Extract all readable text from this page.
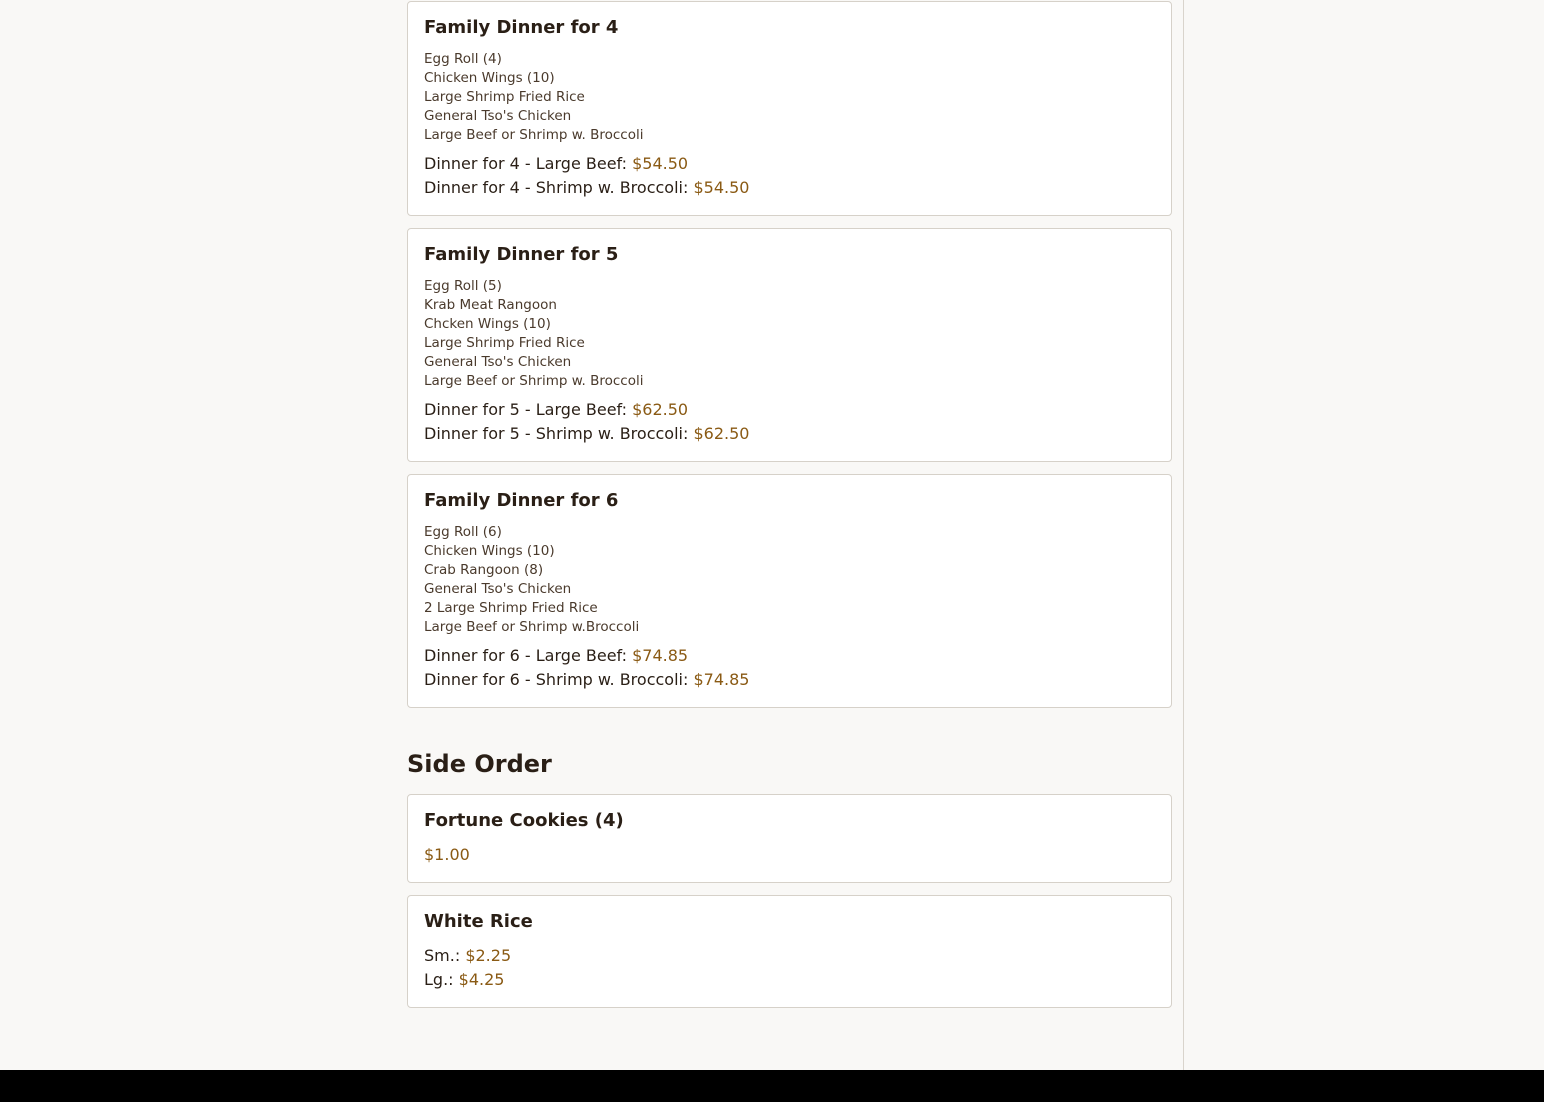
Family Dinner for 4
Egg Roll (4)
Chicken Wings (10)
Large Shrimp Fried Rice
General Tso's Chicken
Large Beef or Shrimp w. Broccoli
Dinner for 4 - Large Beef: $54.50
Dinner for 4 - Shrimp w. Broccoli: $54.50
Family Dinner for 5
Egg Roll (5)
Krab Meat Rangoon
Chcken Wings (10)
Large Shrimp Fried Rice
General Tso's Chicken
Large Beef or Shrimp w. Broccoli
Dinner for 5 - Large Beef: $62.50
Dinner for 5 - Shrimp w. Broccoli: $62.50
Family Dinner for 6
Egg Roll (6)
Chicken Wings (10)
Crab Rangoon (8)
General Tso's Chicken
2 Large Shrimp Fried Rice
Large Beef or Shrimp w.Broccoli
Dinner for 6 - Large Beef: $74.85
Dinner for 6 - Shrimp w. Broccoli: $74.85
Side Order
Fortune Cookies (4)
$1.00
White Rice
Sm.: $2.25
Lg.: $4.25
